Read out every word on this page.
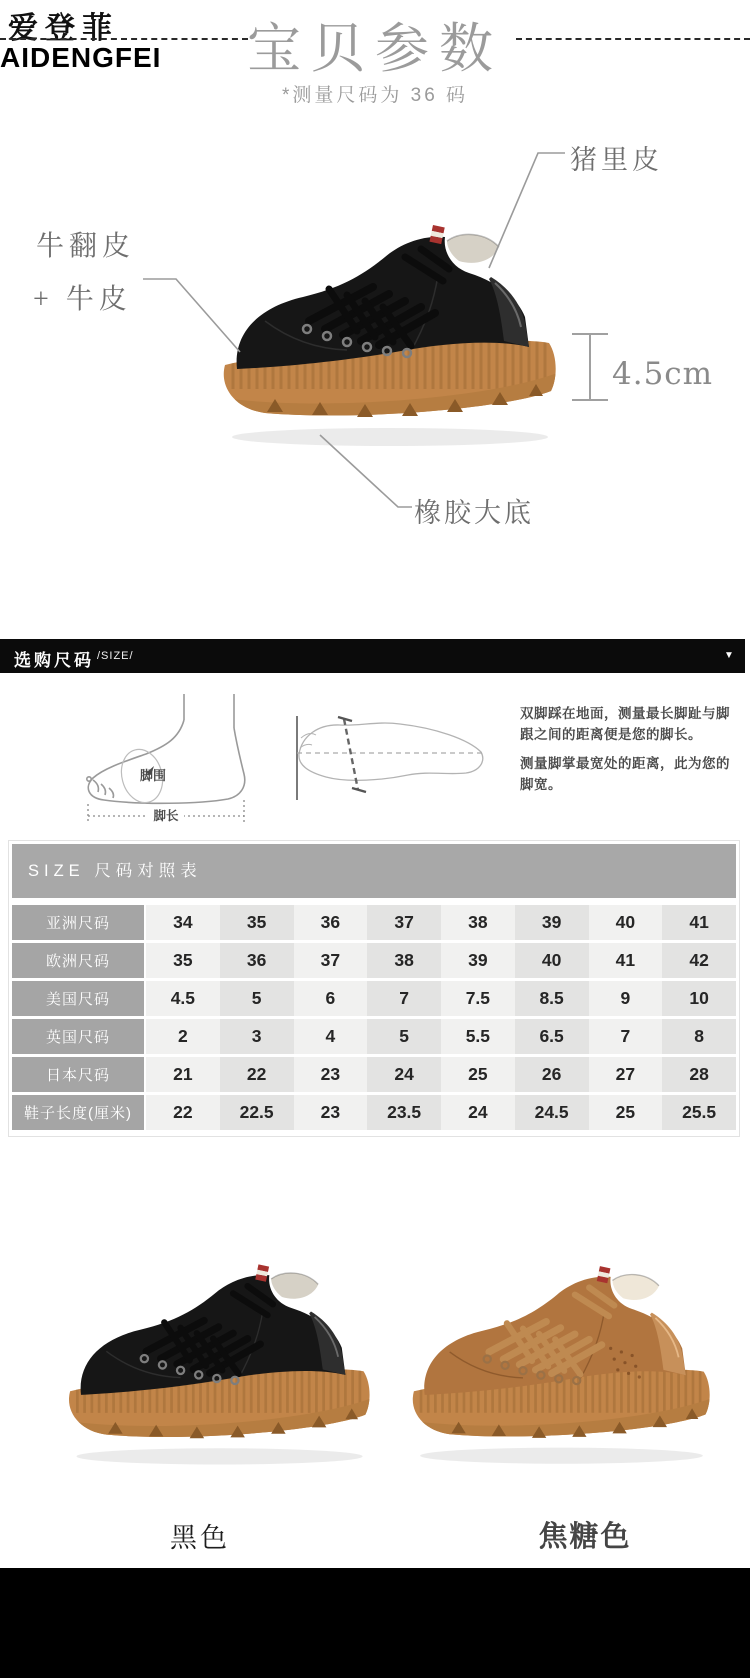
爱登菲
AIDENGFEI 宝贝参数
*测量尺码为 36 码
猪里皮
牛翻皮
+ 牛皮
橡胶大底
4.5cm
选购尺码 /SIZE/	▼
脚围
脚长

双脚踩在地面，测量最长脚趾与脚
跟之间的距离便是您的脚长。

测量脚掌最宽处的距离，此为您的
脚宽。

SIZE 尺码对照表
亚洲尺码	34	35	36	37	38	39	40	41
欧洲尺码	35	36	37	38	39	40	41	42
美国尺码	4.5	5	6	7	7.5	8.5	9	10
英国尺码	2	3	4	5	5.5	6.5	7	8
日本尺码	21	22	23	24	25	26	27	28
鞋子长度(厘米)	22	22.5	23	23.5	24	24.5	25	25.5
黑色	焦糖色
